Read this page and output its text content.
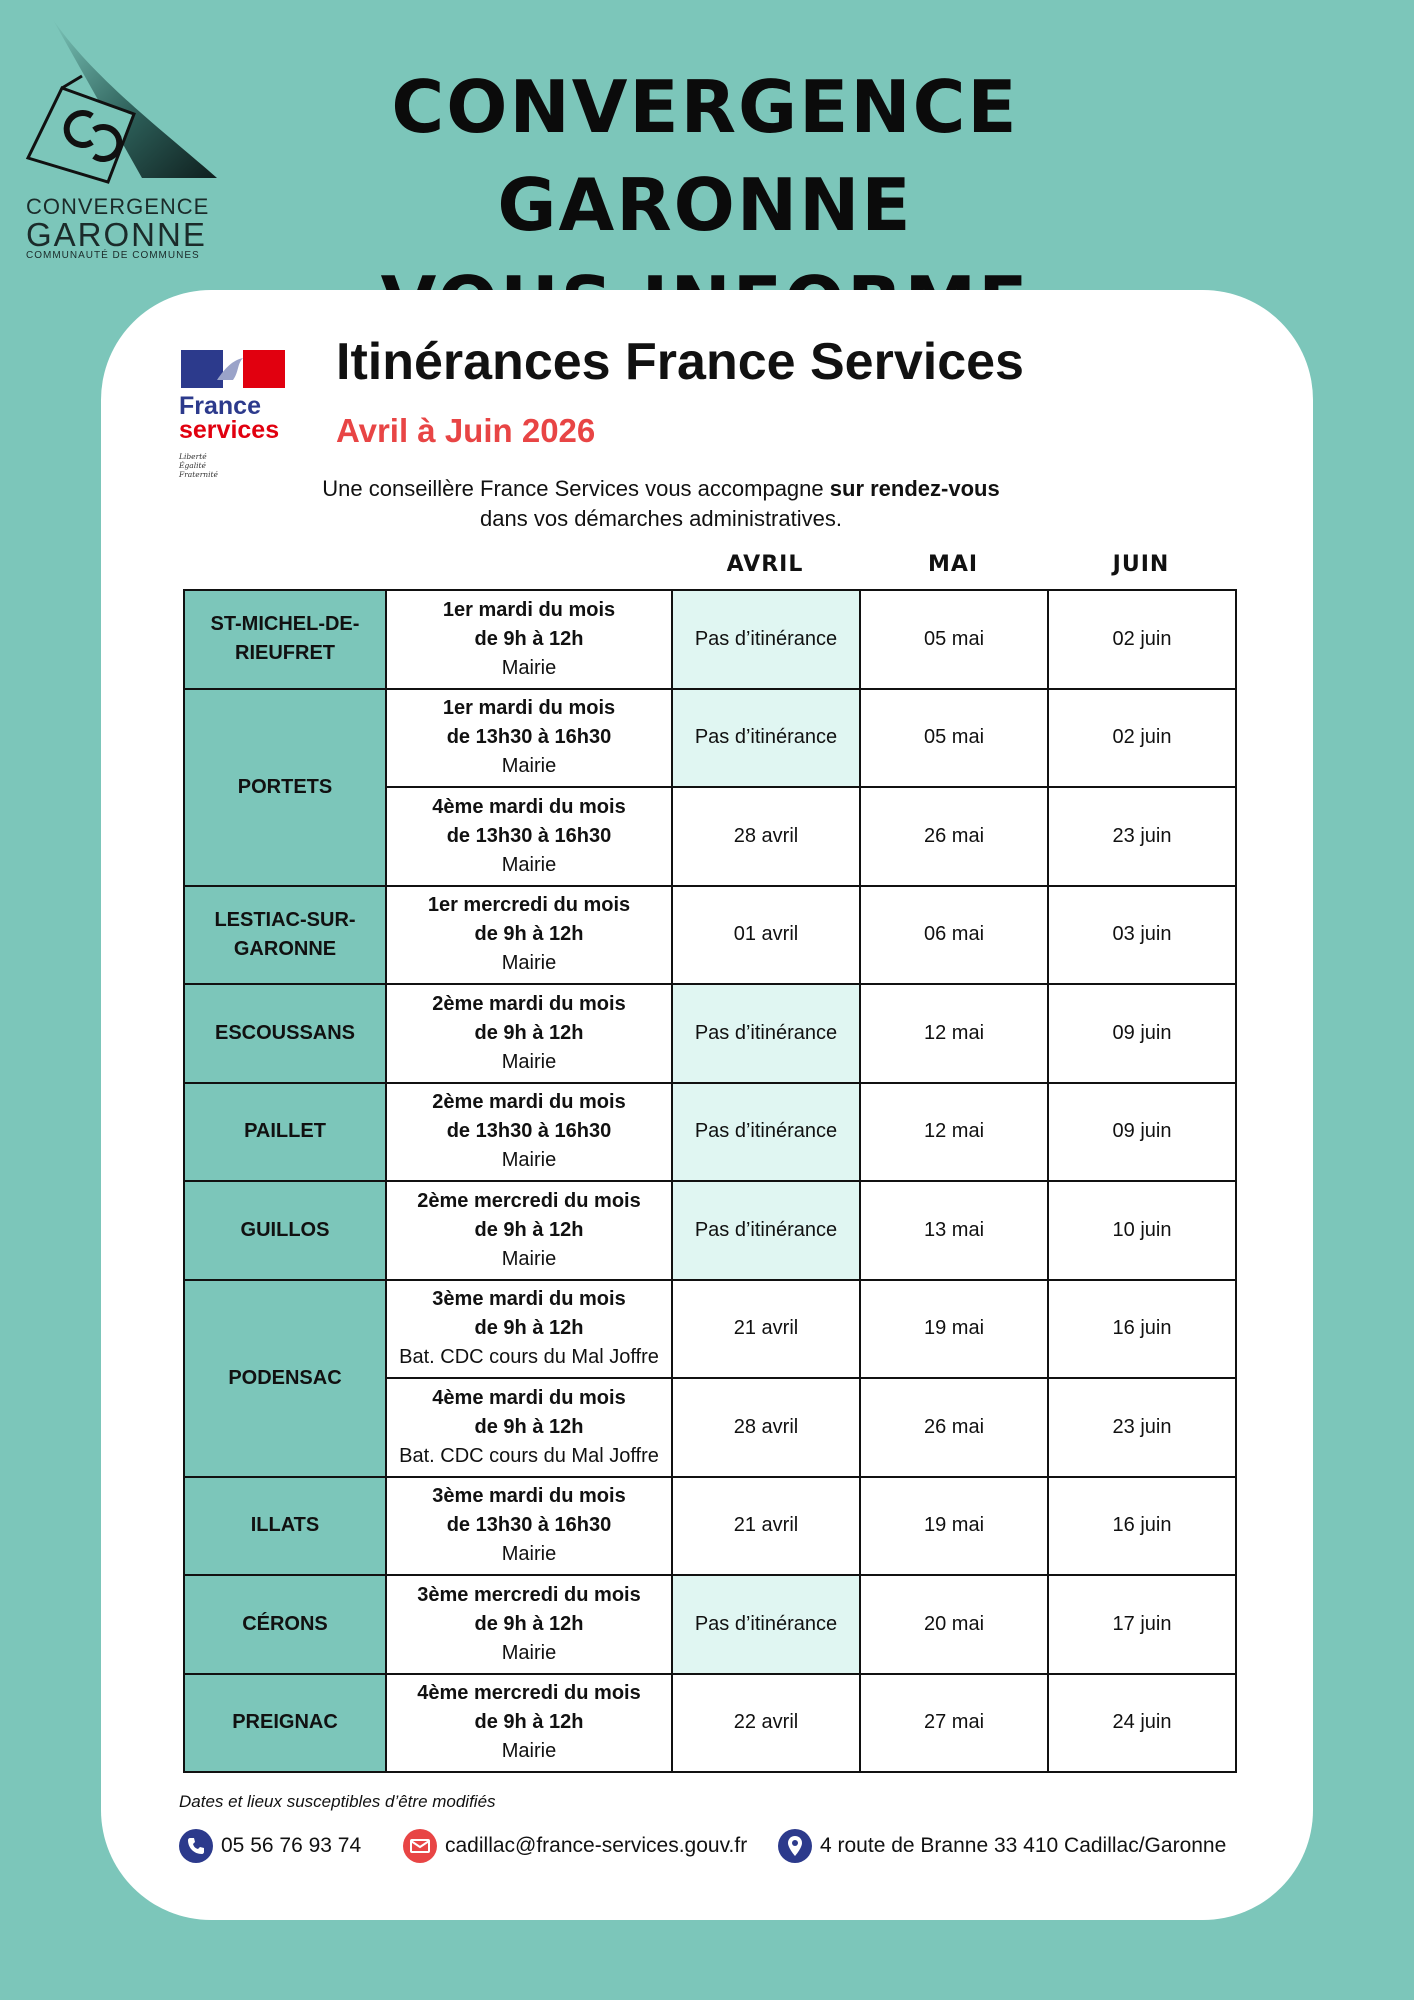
CONVERGENCE
GARONNE
COMMUNAUTÉ DE COMMUNES
CONVERGENCE GARONNE

France
services
Liberté
Égalité
Fraternité
Itinérances France Services
Avril à Juin 2026
Une conseillère France Services vous accompagne sur rendez-vous
dans vos démarches administratives.
AVRIL	MAI	JUIN
ST-MICHEL-DE-RIEUFRET	1er mardi du mois
de 9h à 12h
Mairie	Pas d’itinérance	05 mai	02 juin
PORTETS	1er mardi du mois
de 13h30 à 16h30
Mairie	Pas d’itinérance	05 mai	02 juin

	4ème mardi du mois
de 13h30 à 16h30
Mairie	28 avril	26 mai	23 juin
LESTIAC-SUR-GARONNE	1er mercredi du mois
de 9h à 12h
Mairie	01 avril	06 mai	03 juin
ESCOUSSANS	2ème mardi du mois
de 9h à 12h
Mairie	Pas d’itinérance	12 mai	09 juin
PAILLET	2ème mardi du mois
de 13h30 à 16h30
Mairie	Pas d’itinérance	12 mai	09 juin
GUILLOS	2ème mercredi du mois
de 9h à 12h
Mairie	Pas d’itinérance	13 mai	10 juin
PODENSAC	3ème mardi du mois
de 9h à 12h
Bat. CDC cours du Mal Joffre	21 avril	19 mai	16 juin

	4ème mardi du mois
de 9h à 12h
Bat. CDC cours du Mal Joffre	28 avril	26 mai	23 juin
ILLATS	3ème mardi du mois
de 13h30 à 16h30
Mairie	21 avril	19 mai	16 juin
CÉRONS	3ème mercredi du mois
de 9h à 12h
Mairie	Pas d’itinérance	20 mai	17 juin
PREIGNAC	4ème mercredi du mois
de 9h à 12h
Mairie	22 avril	27 mai	24 juin
Dates et lieux susceptibles d’être modifiés
05 56 76 93 74	cadillac@france-services.gouv.fr	4 route de Branne 33 410 Cadillac/Garonne
